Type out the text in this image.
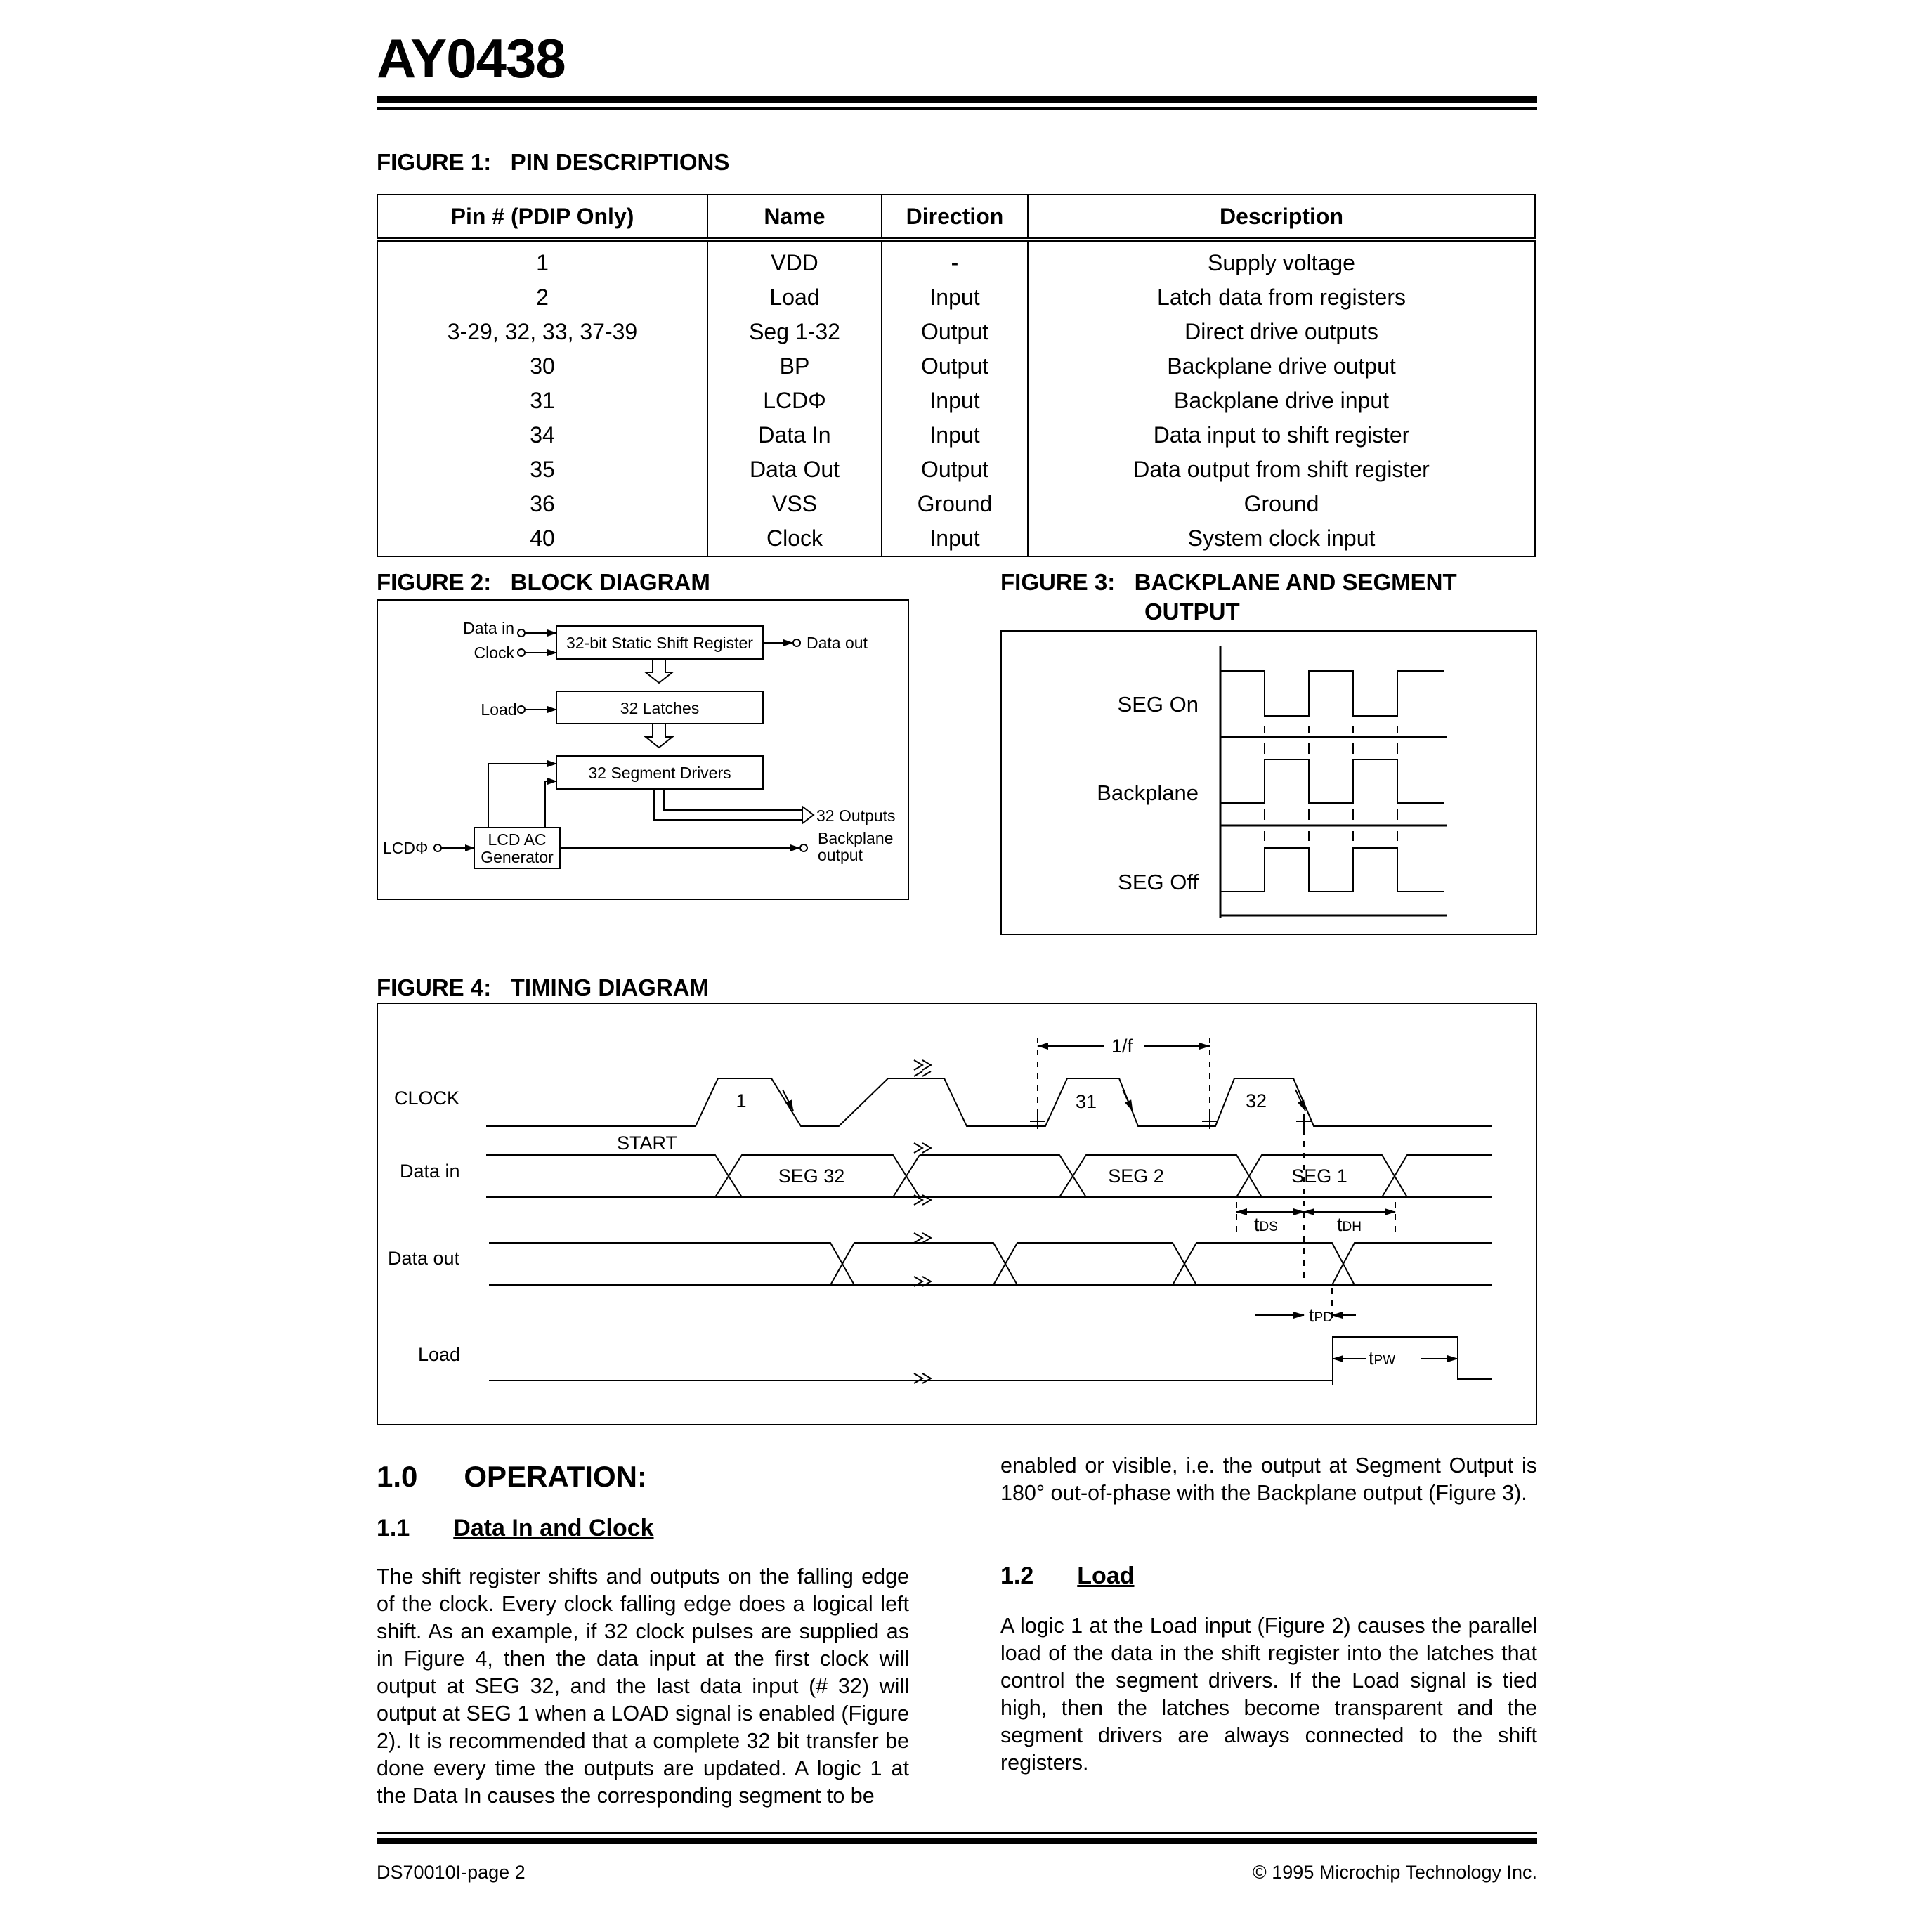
AY0438
FIGURE 1:   PIN DESCRIPTIONS
Pin # (PDIP Only)	Name	Direction	Description
1	VDD	-	Supply voltage
2	Load	Input	Latch data from registers
3-29, 32, 33, 37-39	Seg 1-32	Output	Direct drive outputs
30	BP	Output	Backplane drive output
31	LCDΦ	Input	Backplane drive input
34	Data In	Input	Data input to shift register
35	Data Out	Output	Data output from shift register
36	VSS	Ground	Ground
40	Clock	Input	System clock input
FIGURE 2:   BLOCK DIAGRAM
Data in
Clock
32-bit Static Shift Register	Data out
Load	32 Latches
32 Segment Drivers
32 Outputs
LCD AC
Generator
LCDΦ
Backplane
output
FIGURE 3:   BACKPLANE AND SEGMENT
OUTPUT
SEG On
Backplane
SEG Off
FIGURE 4:   TIMING DIAGRAM
CLOCK
Data in
Data out
Load
START
1/f
1	31	32
SEG 32	SEG 2	SEG 1
tDS	tDH
tPD
tPW
1.0 OPERATION:
1.1 Data In and Clock
The shift register shifts and outputs on the falling edge of the clock. Every clock falling edge does a logical left shift. As an example, if 32 clock pulses are supplied as in Figure 4, then the data input at the first clock will output at SEG 32, and the last data input (# 32) will output at SEG 1 when a LOAD signal is enabled (Figure 2). It is recommended that a complete 32 bit transfer be done every time the outputs are updated. A logic 1 at the Data In causes the corresponding segment to be
enabled or visible, i.e. the output at Segment Output is 180° out-of-phase with the Backplane output (Figure 3).
1.2 Load
A logic 1 at the Load input (Figure 2) causes the parallel load of the data in the shift register into the latches that control the segment drivers. If the Load signal is tied high, then the latches become transparent and the segment drivers are always connected to the shift registers.
DS70010I-page 2	© 1995 Microchip Technology Inc.
